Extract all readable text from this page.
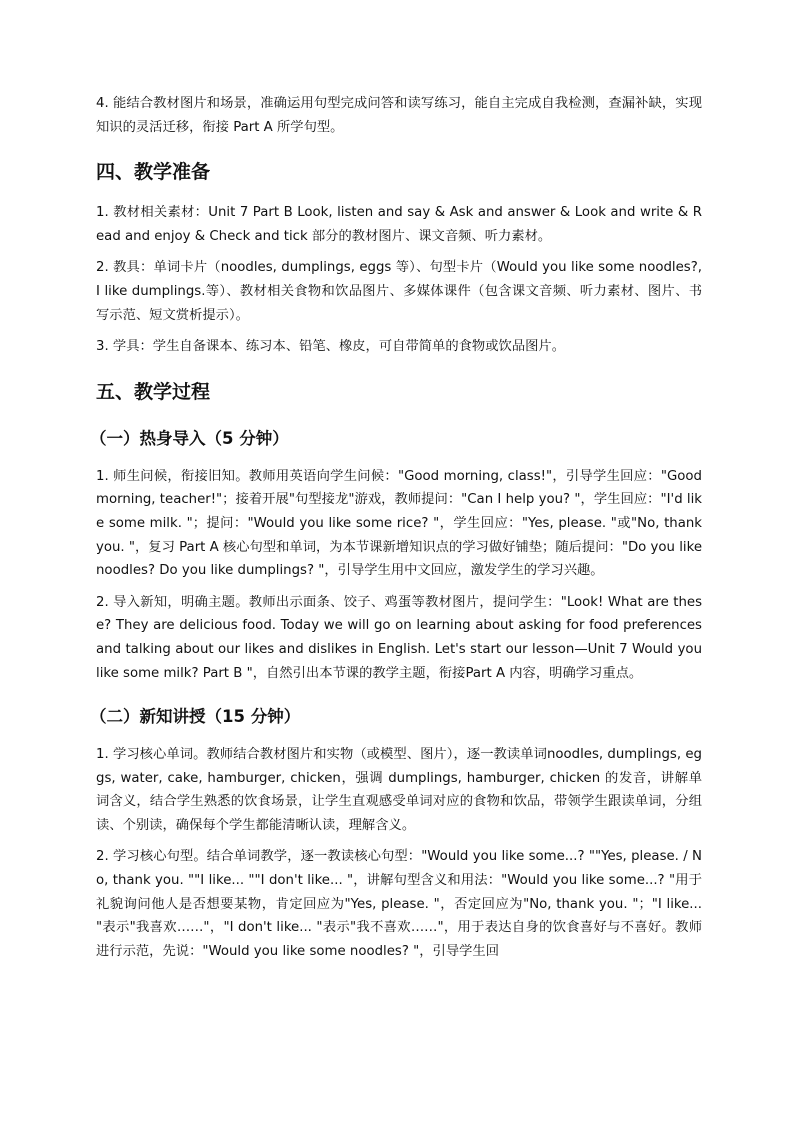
4. 能结合教材图片和场景，准确运用句型完成问答和读写练习，能自主完成自我检测，查漏补缺，实现知识的灵活迁移，衔接 Part A 所学句型。

四、教学准备

1. 教材相关素材：Unit 7 Part B Look, listen and say & Ask and answer & Look and write & Read and enjoy & Check and tick 部分的教材图片、课文音频、听力素材。

2. 教具：单词卡片（noodles, dumplings, eggs 等）、句型卡片（Would you like some noodles?, I like dumplings.等）、教材相关食物和饮品图片、多媒体课件（包含课文音频、听力素材、图片、书写示范、短文赏析提示）。

3. 学具：学生自备课本、练习本、铅笔、橡皮，可自带简单的食物或饮品图片。

五、教学过程
（一）热身导入（5 分钟）

1. 师生问候，衔接旧知。教师用英语向学生问候："Good morning, class!"，引导学生回应："Good morning, teacher!"；接着开展"句型接龙"游戏，教师提问："Can I help you? "，学生回应："I'd like some milk. "；提问："Would you like some rice? "，学生回应："Yes, please. "或"No, thank you. "，复习 Part A 核心句型和单词，为本节课新增知识点的学习做好铺垫；随后提问："Do you like noodles? Do you like dumplings? "，引导学生用中文回应，激发学生的学习兴趣。

2. 导入新知，明确主题。教师出示面条、饺子、鸡蛋等教材图片，提问学生："Look! What are these? They are delicious food. Today we will go on learning about asking for food preferences and talking about our likes and dislikes in English. Let's start our lesson—Unit 7 Would you like some milk? Part B "，自然引出本节课的教学主题，衔接Part A 内容，明确学习重点。

（二）新知讲授（15 分钟）

1. 学习核心单词。教师结合教材图片和实物（或模型、图片），逐一教读单词noodles, dumplings, eggs, water, cake, hamburger, chicken，强调 dumplings, hamburger, chicken 的发音，讲解单词含义，结合学生熟悉的饮食场景，让学生直观感受单词对应的食物和饮品，带领学生跟读单词，分组读、个别读，确保每个学生都能清晰认读，理解含义。

2. 学习核心句型。结合单词教学，逐一教读核心句型："Would you like some...? ""Yes, please. / No, thank you. ""I like... ""I don't like... "，讲解句型含义和用法："Would you like some...? "用于礼貌询问他人是否想要某物，肯定回应为"Yes, please. "，否定回应为"No, thank you. "；"I like... "表示"我喜欢……"，"I don't like... "表示"我不喜欢……"，用于表达自身的饮食喜好与不喜好。教师进行示范，先说："Would you like some noodles? "，引导学生回
